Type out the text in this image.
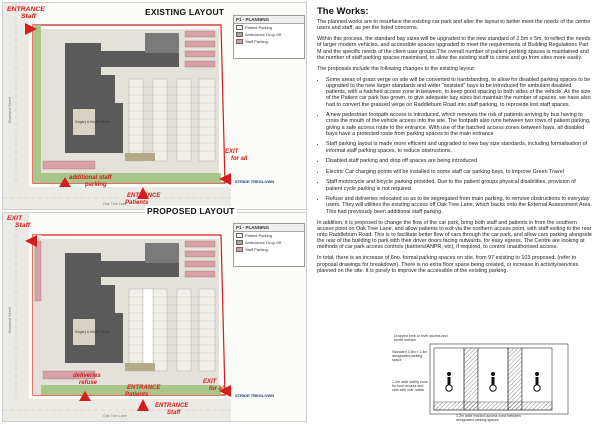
Roseland Street
Oak Tree Lane
Surgery & Health Centre
EXISTING LAYOUT
ENTRANCE
Staff
EXIT
for all
additional staff
parking
ENTRANCE
Patients
P1 - PLANNING
Patient Parking
Ambulance Drop-Off
Staff Parking
STRIDE TREGLOWN
Roseland Street
Oak Tree Lane
Surgery & Health Centre
PROPOSED LAYOUT
EXIT
Staff
deliveries
refuse
ENTRANCE
Patients
EXIT
for all
ENTRANCE
Staff
P1 - PLANNING
Patient Parking
Ambulance Drop-Off
Staff Parking
STRIDE TREGLOWN
The Works:

The planned works are to resurface the existing car park and alter the layout to better meet the needs of the centre users and staff, as per the listed concerns.

Within this process, the standard bay sizes will be upgraded to the new standard of 2.5m x 5m, to reflect the needs of larger modern vehicles, and accessible spaces upgraded to meet the requirements of Building Regulations Part M and the specific needs of the client user groups.The overall number of patient parking spaces is maintained and the number of staff parking spaces maximised, to allow the existing staff to come and go from sites more easily.

The proposals include the following changes to the existing layout:

• Some areas of grass verge on site will be converted to hardstanding, to allow for disabled parking spaces to be upgraded to the new larger standards and wider “assisted” bays to be introduced for ambulant disabled patients, with a hatched access zone in between, to keep good spacing to both sides of the vehicle. As the size of the Patient car park has grown, to give adequate bay sizes but maintain the number of spaces, we have also had to convert the grassed verge on Raddleburn Road into staff parking, to reprovide lost staff spaces.
• A new pedestrian footpath access is introduced, which removes the risk of patients arriving by bus having to cross the mouth of the vehicle access into the site. The footpath also runs between two rows of patient parking, giving a safe access route to the entrance. With use of the hatched access zones between bays, all disabled bays have a protected route from parking spaces to the main entrance
• Staff parking layout is made more efficient and upgraded to new bay size standards, including formalisation of informal staff parking spaces, to reduce obstructions.
• Disabled staff parking and drop off spaces are being introduced
• Electric Car charging points will be installed to some staff car parking bays, to improve Green Travel
• Staff motorcycle and bicycle parking provided. Due to the patient groups physical disabilities, provision of patient cycle parking is not required
• Refuse and deliveries relocated so as to be segregated from main parking, to remove obstructions to everyday users. They will utilities the existing access off Oak Tree Lane, which backs onto the External Assessment Area. This had previously been additional staff parking.

In addition, it is proposed to change the flow of the car park, bring both staff and patients in from the southern access point on Oak Tree Lane, and allow patients to exit via the northern access point, with staff exiting to the rear onto Raddleburn Road. This is to facilitate better flow of cars through the car park, and allow cars parking alongside the rear of the building to park with their driver doors facing outwards, for easy egress. The Centre are looking at methods of car park access controls (barriers/ANPR, etc), if required, to control unauthorised access.

In total, there is an increase of 6no. formal parking spaces on site, from 97 existing to 103 proposed. (refer to proposal drawings for breakdown). There is no extra floor space being created, or increase in activity/services planned on the site. It is purely to improve the accessible of the existing parking.

Dropped kerb or level access and tactile surface
Standard 4.8m x 2.4m designated parking space
1.2m wide safety zone for boot access and cars with rear hoists
1.2m wide marked access zone between designated parking spaces
